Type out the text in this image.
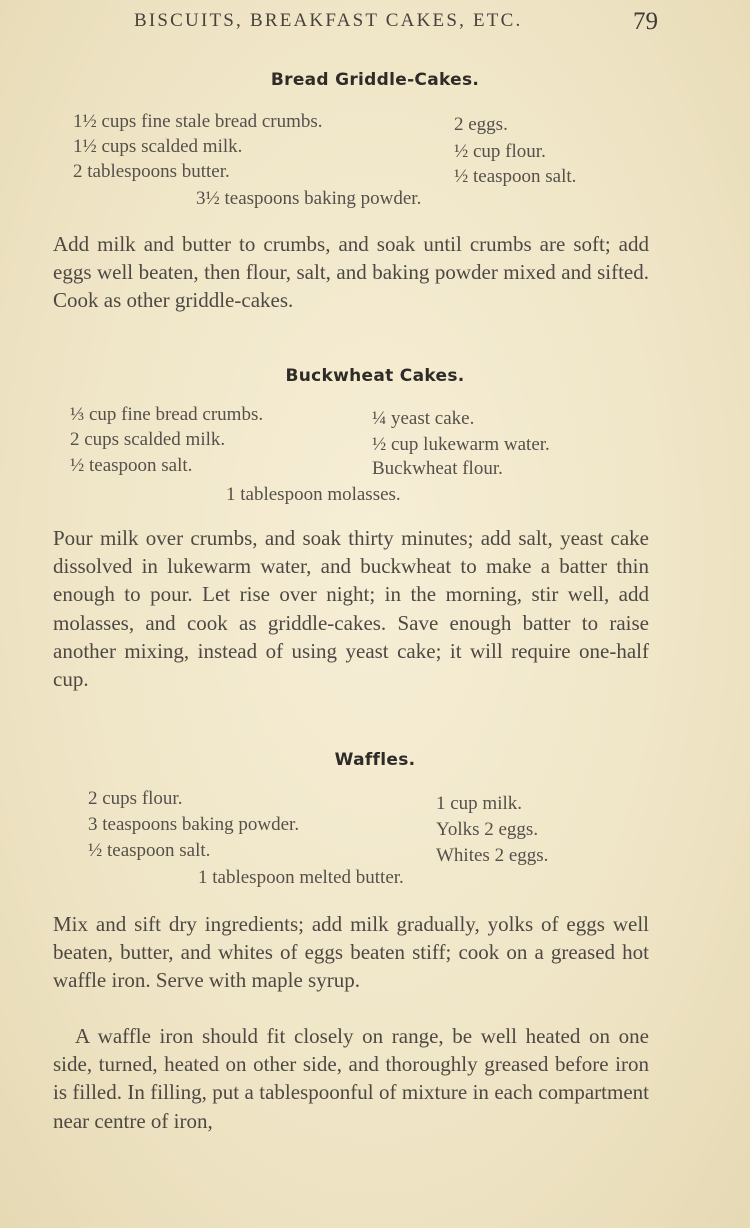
BISCUITS, BREAKFAST CAKES, ETC.	79
Bread Griddle-Cakes.
1½ cups fine stale bread crumbs.
1½ cups scalded milk.
2 tablespoons butter.
2 eggs.
½ cup flour.
½ teaspoon salt.
3½ teaspoons baking powder.

Add milk and butter to crumbs, and soak until crumbs are soft; add eggs well beaten, then flour, salt, and baking powder mixed and sifted. Cook as other griddle-cakes.

Buckwheat Cakes.
⅓ cup fine bread crumbs.
2 cups scalded milk.
½ teaspoon salt.
¼ yeast cake.
½ cup lukewarm water.
Buckwheat flour.
1 tablespoon molasses.

Pour milk over crumbs, and soak thirty minutes; add salt, yeast cake dissolved in lukewarm water, and buckwheat to make a batter thin enough to pour. Let rise over night; in the morning, stir well, add molasses, and cook as griddle-cakes. Save enough batter to raise another mixing, instead of using yeast cake; it will require one-half cup.

Waffles.
2 cups flour.
3 teaspoons baking powder.
½ teaspoon salt.
1 cup milk.
Yolks 2 eggs.
Whites 2 eggs.
1 tablespoon melted butter.

Mix and sift dry ingredients; add milk gradually, yolks of eggs well beaten, butter, and whites of eggs beaten stiff; cook on a greased hot waffle iron. Serve with maple syrup.

A waffle iron should fit closely on range, be well heated on one side, turned, heated on other side, and thoroughly greased before iron is filled. In filling, put a tablespoonful of mixture in each compartment near centre of iron,
